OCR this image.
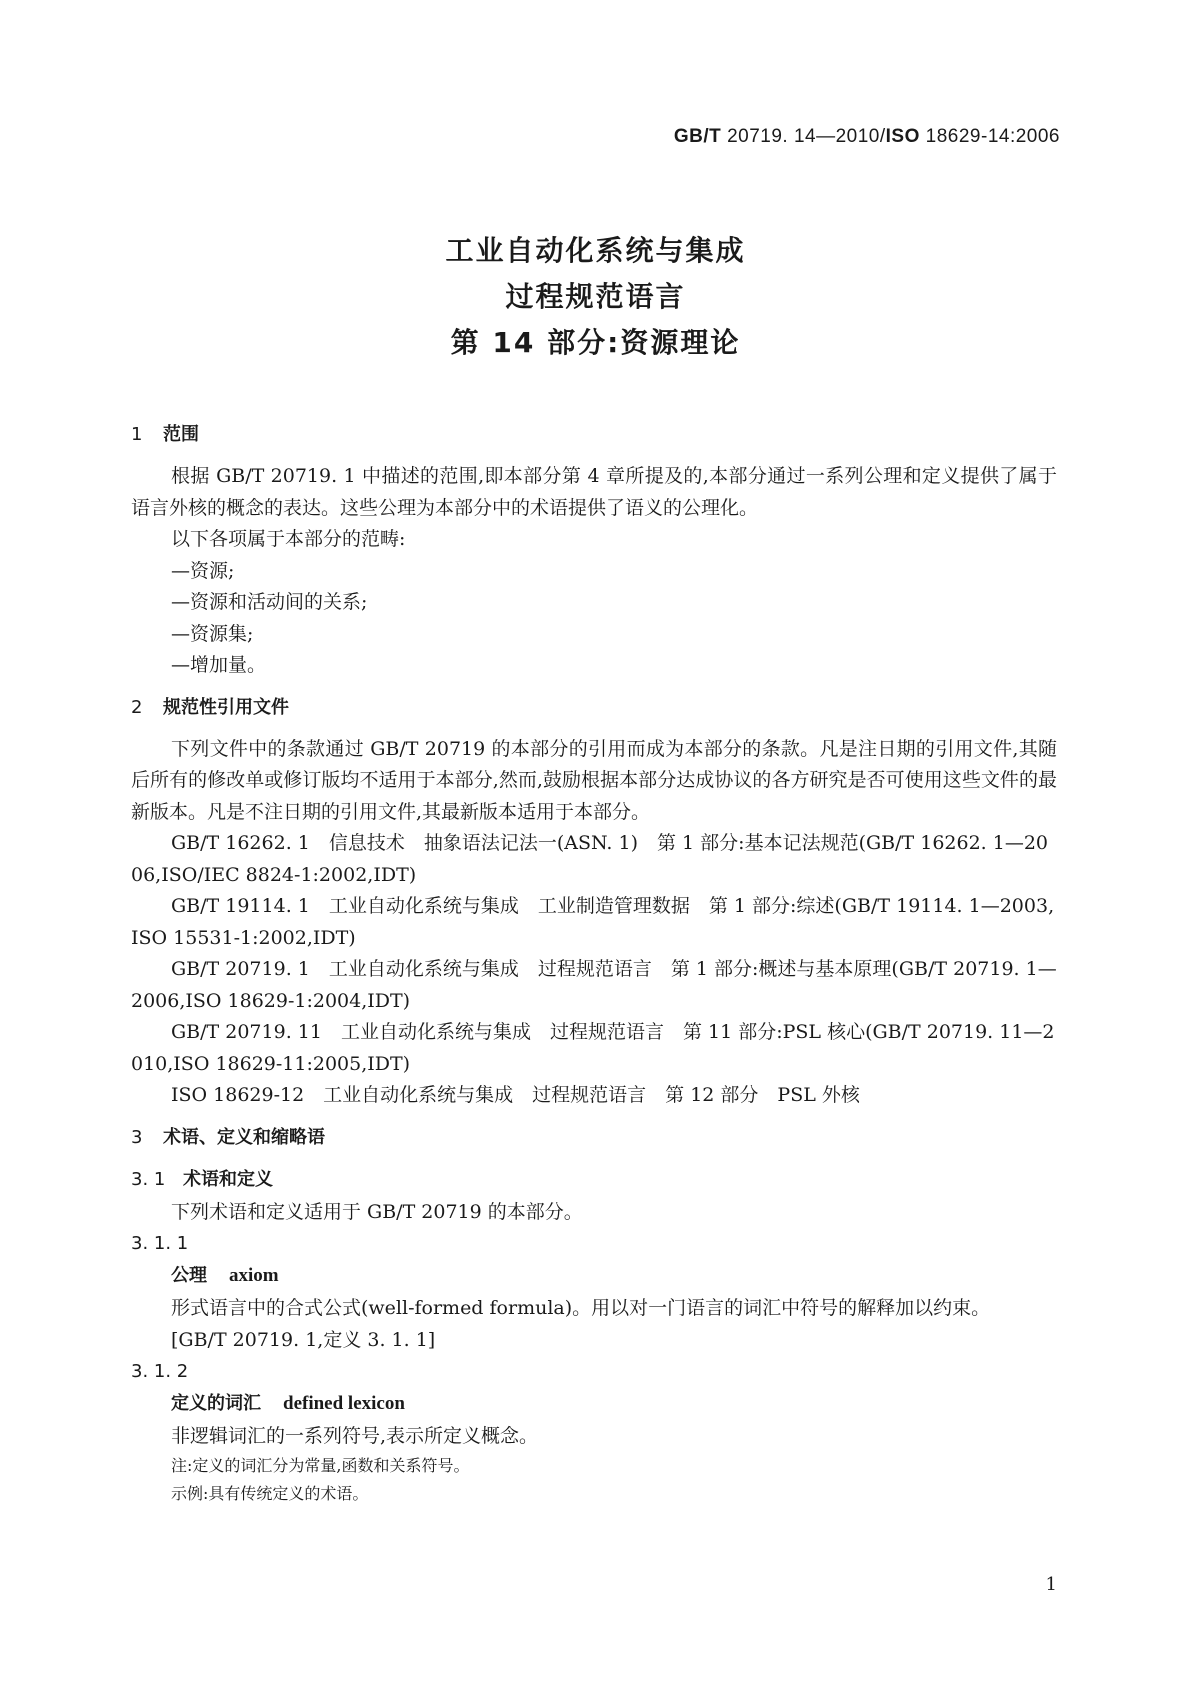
GB/T 20719. 14—2010/ISO 18629-14:2006
工业自动化系统与集成
过程规范语言
第 14 部分:资源理论
1 范围

根据 GB/T 20719. 1 中描述的范围,即本部分第 4 章所提及的,本部分通过一系列公理和定义提供了属于语言外核的概念的表达。这些公理为本部分中的术语提供了语义的公理化。

以下各项属于本部分的范畴:

—资源;
—资源和活动间的关系;
—资源集;
—增加量。
2 规范性引用文件

下列文件中的条款通过 GB/T 20719 的本部分的引用而成为本部分的条款。凡是注日期的引用文件,其随后所有的修改单或修订版均不适用于本部分,然而,鼓励根据本部分达成协议的各方研究是否可使用这些文件的最新版本。凡是不注日期的引用文件,其最新版本适用于本部分。

GB/T 16262. 1　信息技术　抽象语法记法一(ASN. 1)　第 1 部分:基本记法规范(GB/T 16262. 1—2006,ISO/IEC 8824-1:2002,IDT)
GB/T 19114. 1　工业自动化系统与集成　工业制造管理数据　第 1 部分:综述(GB/T 19114. 1—2003,ISO 15531-1:2002,IDT)
GB/T 20719. 1　工业自动化系统与集成　过程规范语言　第 1 部分:概述与基本原理(GB/T 20719. 1—2006,ISO 18629-1:2004,IDT)
GB/T 20719. 11　工业自动化系统与集成　过程规范语言　第 11 部分:PSL 核心(GB/T 20719. 11—2010,ISO 18629-11:2005,IDT)
ISO 18629-12　工业自动化系统与集成　过程规范语言　第 12 部分　PSL 外核
3 术语、定义和缩略语
3. 1 术语和定义
下列术语和定义适用于 GB/T 20719 的本部分。
3. 1. 1
公理 axiom
形式语言中的合式公式(well-formed formula)。用以对一门语言的词汇中符号的解释加以约束。
[GB/T 20719. 1,定义 3. 1. 1]
3. 1. 2
定义的词汇 defined lexicon
非逻辑词汇的一系列符号,表示所定义概念。
注:定义的词汇分为常量,函数和关系符号。
示例:具有传统定义的术语。
1
